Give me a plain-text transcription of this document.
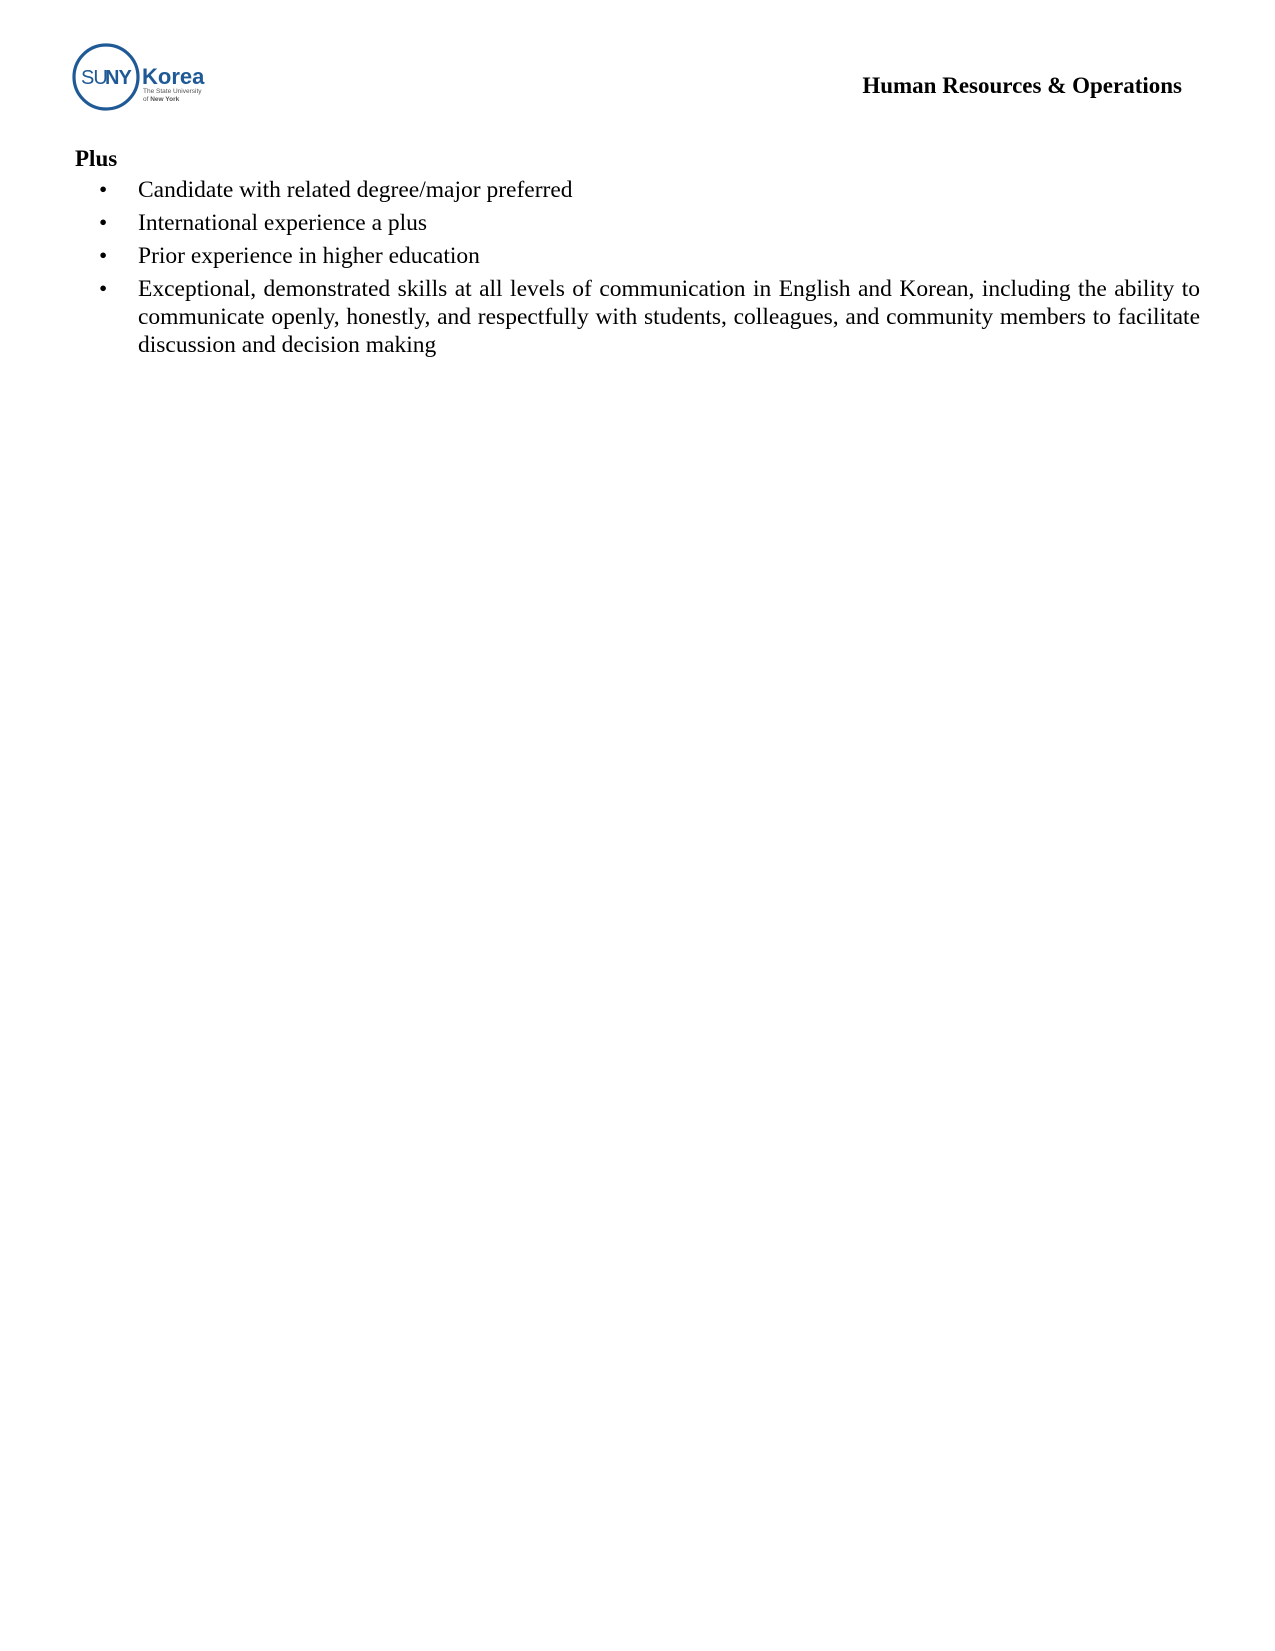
SU
NY Korea
The State University
of New York
Human Resources & Operations
Plus
• Candidate with related degree/major preferred
• International experience a plus
• Prior experience in higher education
• Exceptional, demonstrated skills at all levels of communication in English and Korean, including the ability to communicate openly, honestly, and respectfully with students, colleagues, and community members to facilitate discussion and decision making
